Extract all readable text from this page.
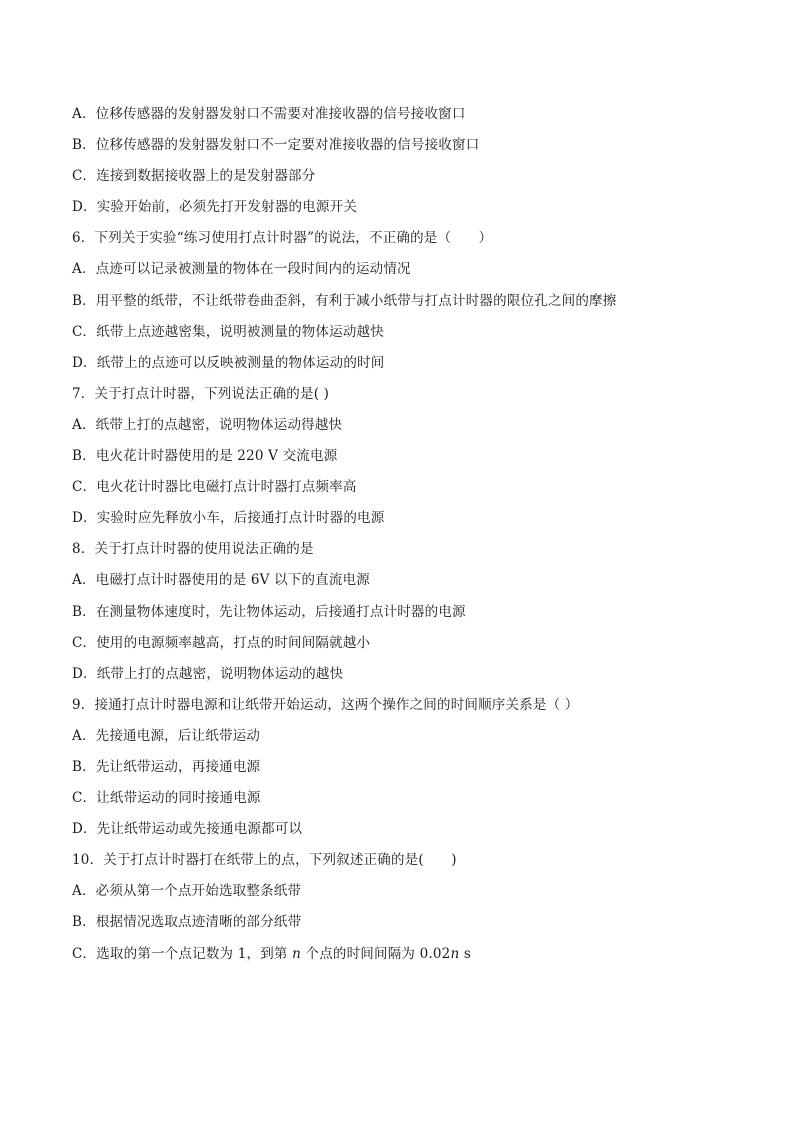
A．位移传感器的发射器发射口不需要对准接收器的信号接收窗口
B．位移传感器的发射器发射口不一定要对准接收器的信号接收窗口
C．连接到数据接收器上的是发射器部分
D．实验开始前，必须先打开发射器的电源开关
6．下列关于实验“练习使用打点计时器”的说法，不正确的是（　　）
A．点迹可以记录被测量的物体在一段时间内的运动情况
B．用平整的纸带，不让纸带卷曲歪斜，有利于减小纸带与打点计时器的限位孔之间的摩擦
C．纸带上点迹越密集，说明被测量的物体运动越快
D．纸带上的点迹可以反映被测量的物体运动的时间
7．关于打点计时器，下列说法正确的是( )
A．纸带上打的点越密，说明物体运动得越快
B．电火花计时器使用的是 220 V 交流电源
C．电火花计时器比电磁打点计时器打点频率高
D．实验时应先释放小车，后接通打点计时器的电源
8．关于打点计时器的使用说法正确的是
A．电磁打点计时器使用的是 6V 以下的直流电源
B．在测量物体速度时，先让物体运动，后接通打点计时器的电源
C．使用的电源频率越高，打点的时间间隔就越小
D．纸带上打的点越密，说明物体运动的越快
9．接通打点计时器电源和让纸带开始运动，这两个操作之间的时间顺序关系是（ ）
A．先接通电源，后让纸带运动
B．先让纸带运动，再接通电源
C．让纸带运动的同时接通电源
D．先让纸带运动或先接通电源都可以
10．关于打点计时器打在纸带上的点，下列叙述正确的是(　　)
A．必须从第一个点开始选取整条纸带
B．根据情况选取点迹清晰的部分纸带
C．选取的第一个点记数为 1，到第 n 个点的时间间隔为 0.02n s
